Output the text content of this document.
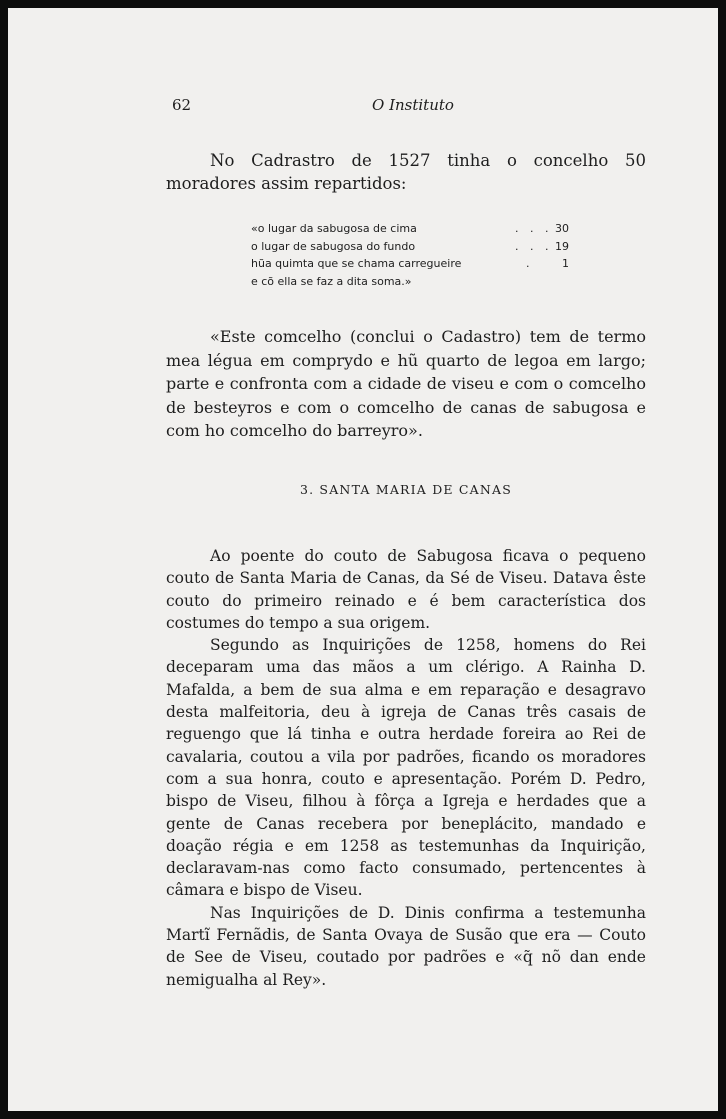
62	O Instituto

No Cadrastro de 1527 tinha o concelho 50 moradores assim repartidos:

«o lugar da sabugosa de cima	. . . 30
o lugar de sabugosa do fundo	. . . 19
hũa quimta que se chama carregueire	.	1
e cõ ella se faz a dita soma.»

«Este comcelho (conclui o Cadastro) tem de termo mea légua em comprydo e hũ quarto de legoa em largo; parte e confronta com a cidade de viseu e com o comcelho de besteyros e com o comcelho de canas de sabugosa e com ho comcelho do barreyro».

3. SANTA MARIA DE CANAS

Ao poente do couto de Sabugosa ficava o pequeno couto de Santa Maria de Canas, da Sé de Viseu. Datava êste couto do primeiro reinado e é bem característica dos costumes do tempo a sua origem.

Segundo as Inquirições de 1258, homens do Rei deceparam uma das mãos a um clérigo. A Rainha D. Mafalda, a bem de sua alma e em reparação e desagravo desta malfeitoria, deu à igreja de Canas três casais de reguengo que lá tinha e outra herdade foreira ao Rei de cavalaria, coutou a vila por padrões, ficando os moradores com a sua honra, couto e apresentação. Porém D. Pedro, bispo de Viseu, filhou à fôrça a Igreja e herdades que a gente de Canas recebera por beneplácito, mandado e doação régia e em 1258 as testemunhas da Inquirição, declaravam-nas como facto consumado, pertencentes à câmara e bispo de Viseu.

Nas Inquirições de D. Dinis confirma a testemunha Martĩ Fernãdis, de Santa Ovaya de Susão que era — Couto de See de Viseu, coutado por padrões e «q̃ nõ dan ende nemigualha al Rey».
